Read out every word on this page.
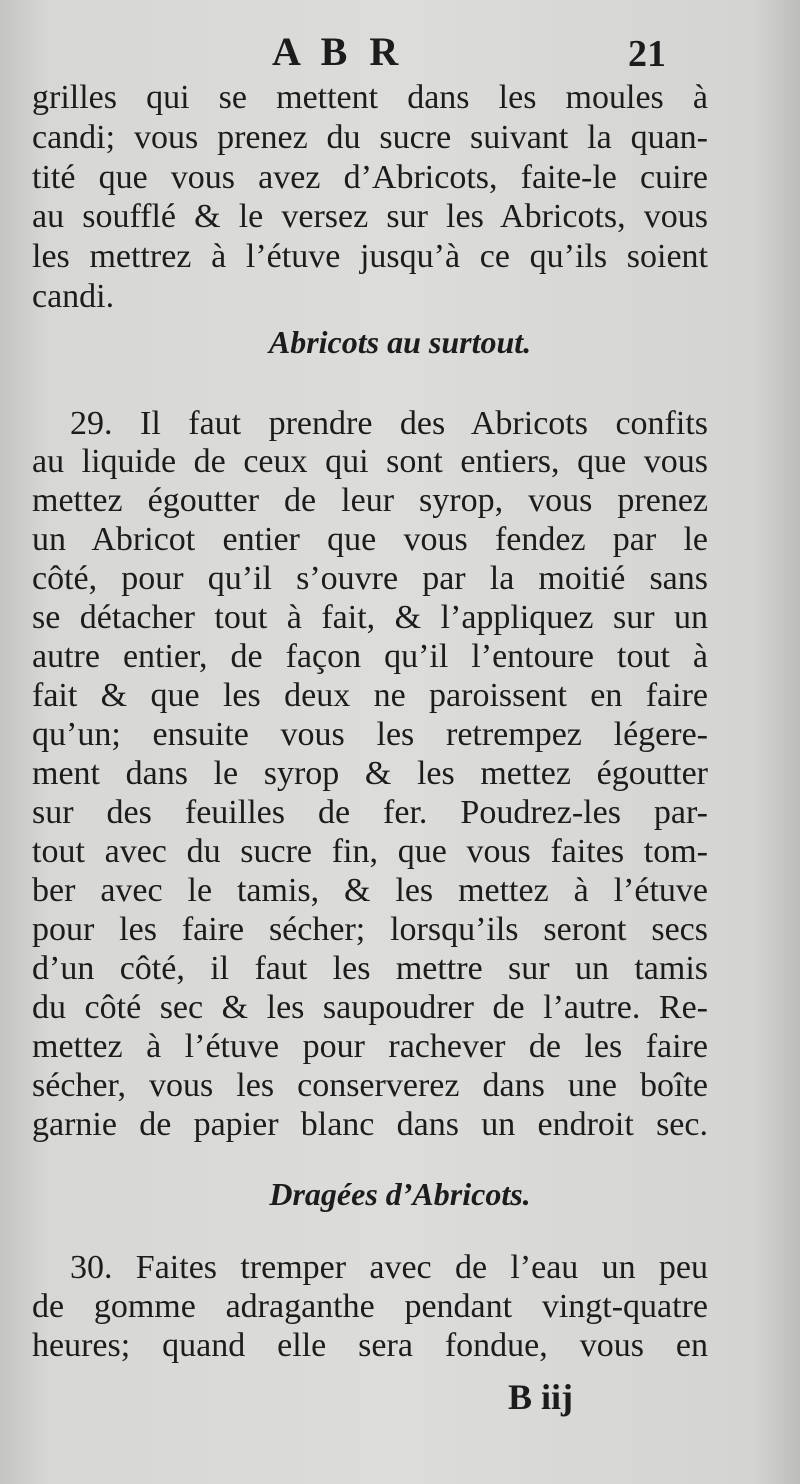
A B R	21
grilles qui se mettent dans les moules à
candi; vous prenez du sucre suivant la quan-
tité que vous avez d’Abricots, faite-le cuire
au soufflé & le versez sur les Abricots, vous
les mettrez à l’étuve jusqu’à ce qu’ils soient
candi.
Abricots au surtout.
29. Il faut prendre des Abricots confits
au liquide de ceux qui sont entiers, que vous
mettez égoutter de leur syrop, vous prenez
un Abricot entier que vous fendez par le
côté, pour qu’il s’ouvre par la moitié sans
se détacher tout à fait, & l’appliquez sur un
autre entier, de façon qu’il l’entoure tout à
fait & que les deux ne paroissent en faire
qu’un; ensuite vous les retrempez légere-
ment dans le syrop & les mettez égoutter
sur des feuilles de fer. Poudrez-les par-
tout avec du sucre fin, que vous faites tom-
ber avec le tamis, & les mettez à l’étuve
pour les faire sécher; lorsqu’ils seront secs
d’un côté, il faut les mettre sur un tamis
du côté sec & les saupoudrer de l’autre. Re-
mettez à l’étuve pour rachever de les faire
sécher, vous les conserverez dans une boîte
garnie de papier blanc dans un endroit sec.
Dragées d’Abricots.
30. Faites tremper avec de l’eau un peu
de gomme adraganthe pendant vingt-quatre
heures; quand elle sera fondue, vous en
B iij
